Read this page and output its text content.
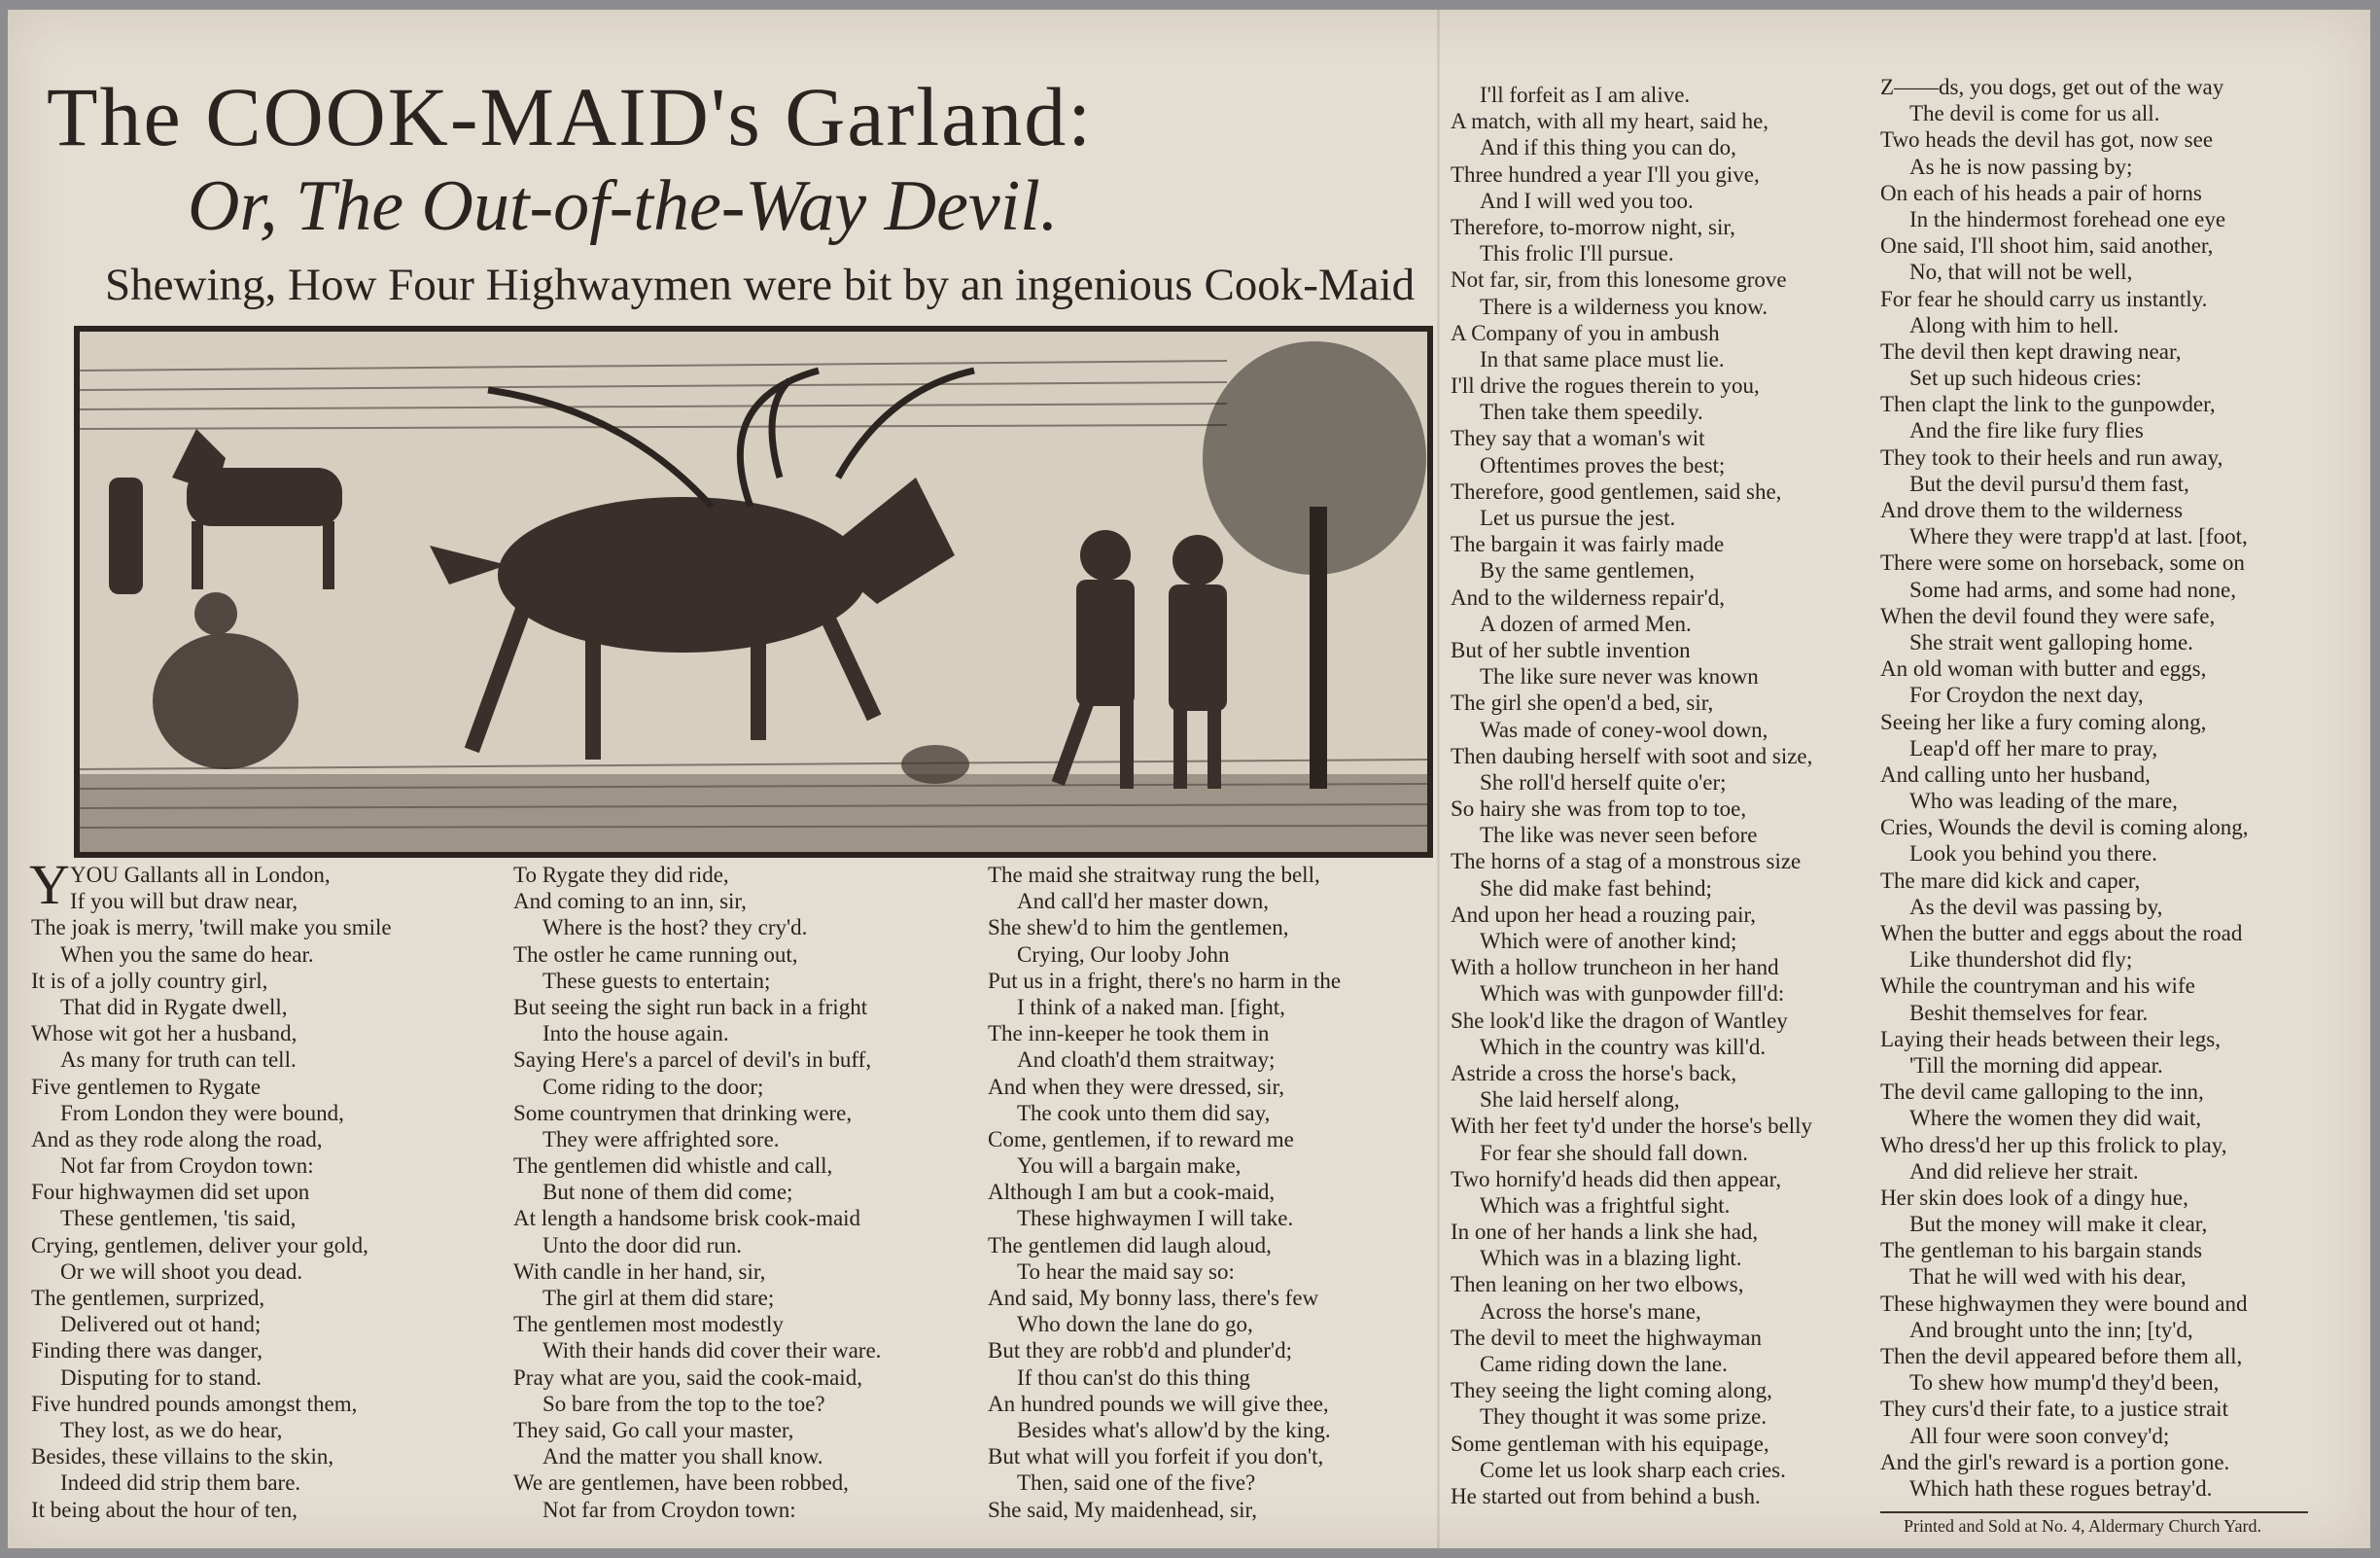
The COOK-MAID's Garland:
Or, The Out-of-the-Way Devil.
Shewing, How Four Highwaymen were bit by an ingenious Cook-Maid
Y YOU Gallants all in London,
If you will but draw near,
The joak is merry, 'twill make you smile
When you the same do hear.
It is of a jolly country girl,
That did in Rygate dwell,
Whose wit got her a husband,
As many for truth can tell.
Five gentlemen to Rygate
From London they were bound,
And as they rode along the road,
Not far from Croydon town:
Four highwaymen did set upon
These gentlemen, 'tis said,
Crying, gentlemen, deliver your gold,
Or we will shoot you dead.
The gentlemen, surprized,
Delivered out ot hand;
Finding there was danger,
Disputing for to stand.
Five hundred pounds amongst them,
They lost, as we do hear,
Besides, these villains to the skin,
Indeed did strip them bare.
It being about the hour of ten,
To Rygate they did ride,
And coming to an inn, sir,
Where is the host? they cry'd.
The ostler he came running out,
These guests to entertain;
But seeing the sight run back in a fright
Into the house again.
Saying Here's a parcel of devil's in buff,
Come riding to the door;
Some countrymen that drinking were,
They were affrighted sore.
The gentlemen did whistle and call,
But none of them did come;
At length a handsome brisk cook-maid
Unto the door did run.
With candle in her hand, sir,
The girl at them did stare;
The gentlemen most modestly
With their hands did cover their ware.
Pray what are you, said the cook-maid,
So bare from the top to the toe?
They said, Go call your master,
And the matter you shall know.
We are gentlemen, have been robbed,
Not far from Croydon town:
The maid she straitway rung the bell,
And call'd her master down,
She shew'd to him the gentlemen,
Crying, Our looby John
Put us in a fright, there's no harm in the
I think of a naked man. [fight,
The inn-keeper he took them in
And cloath'd them straitway;
And when they were dressed, sir,
The cook unto them did say,
Come, gentlemen, if to reward me
You will a bargain make,
Although I am but a cook-maid,
These highwaymen I will take.
The gentlemen did laugh aloud,
To hear the maid say so:
And said, My bonny lass, there's few
Who down the lane do go,
But they are robb'd and plunder'd;
If thou can'st do this thing
An hundred pounds we will give thee,
Besides what's allow'd by the king.
But what will you forfeit if you don't,
Then, said one of the five?
She said, My maidenhead, sir,
I'll forfeit as I am alive.
A match, with all my heart, said he,
And if this thing you can do,
Three hundred a year I'll you give,
And I will wed you too.
Therefore, to-morrow night, sir,
This frolic I'll pursue.
Not far, sir, from this lonesome grove
There is a wilderness you know.
A Company of you in ambush
In that same place must lie.
I'll drive the rogues therein to you,
Then take them speedily.
They say that a woman's wit
Oftentimes proves the best;
Therefore, good gentlemen, said she,
Let us pursue the jest.
The bargain it was fairly made
By the same gentlemen,
And to the wilderness repair'd,
A dozen of armed Men.
But of her subtle invention
The like sure never was known
The girl she open'd a bed, sir,
Was made of coney-wool down,
Then daubing herself with soot and size,
She roll'd herself quite o'er;
So hairy she was from top to toe,
The like was never seen before
The horns of a stag of a monstrous size
She did make fast behind;
And upon her head a rouzing pair,
Which were of another kind;
With a hollow truncheon in her hand
Which was with gunpowder fill'd:
She look'd like the dragon of Wantley
Which in the country was kill'd.
Astride a cross the horse's back,
She laid herself along,
With her feet ty'd under the horse's belly
For fear she should fall down.
Two hornify'd heads did then appear,
Which was a frightful sight.
In one of her hands a link she had,
Which was in a blazing light.
Then leaning on her two elbows,
Across the horse's mane,
The devil to meet the highwayman
Came riding down the lane.
They seeing the light coming along,
They thought it was some prize.
Some gentleman with his equipage,
Come let us look sharp each cries.
He started out from behind a bush.
Z——ds, you dogs, get out of the way
The devil is come for us all.
Two heads the devil has got, now see
As he is now passing by;
On each of his heads a pair of horns
In the hindermost forehead one eye
One said, I'll shoot him, said another,
No, that will not be well,
For fear he should carry us instantly.
Along with him to hell.
The devil then kept drawing near,
Set up such hideous cries:
Then clapt the link to the gunpowder,
And the fire like fury flies
They took to their heels and run away,
But the devil pursu'd them fast,
And drove them to the wilderness
Where they were trapp'd at last. [foot,
There were some on horseback, some on
Some had arms, and some had none,
When the devil found they were safe,
She strait went galloping home.
An old woman with butter and eggs,
For Croydon the next day,
Seeing her like a fury coming along,
Leap'd off her mare to pray,
And calling unto her husband,
Who was leading of the mare,
Cries, Wounds the devil is coming along,
Look you behind you there.
The mare did kick and caper,
As the devil was passing by,
When the butter and eggs about the road
Like thundershot did fly;
While the countryman and his wife
Beshit themselves for fear.
Laying their heads between their legs,
'Till the morning did appear.
The devil came galloping to the inn,
Where the women they did wait,
Who dress'd her up this frolick to play,
And did relieve her strait.
Her skin does look of a dingy hue,
But the money will make it clear,
The gentleman to his bargain stands
That he will wed with his dear,
These highwaymen they were bound and
And brought unto the inn; [ty'd,
Then the devil appeared before them all,
To shew how mump'd they'd been,
They curs'd their fate, to a justice strait
All four were soon convey'd;
And the girl's reward is a portion gone.
Which hath these rogues betray'd.
Printed and Sold at No. 4, Aldermary Church Yard.
